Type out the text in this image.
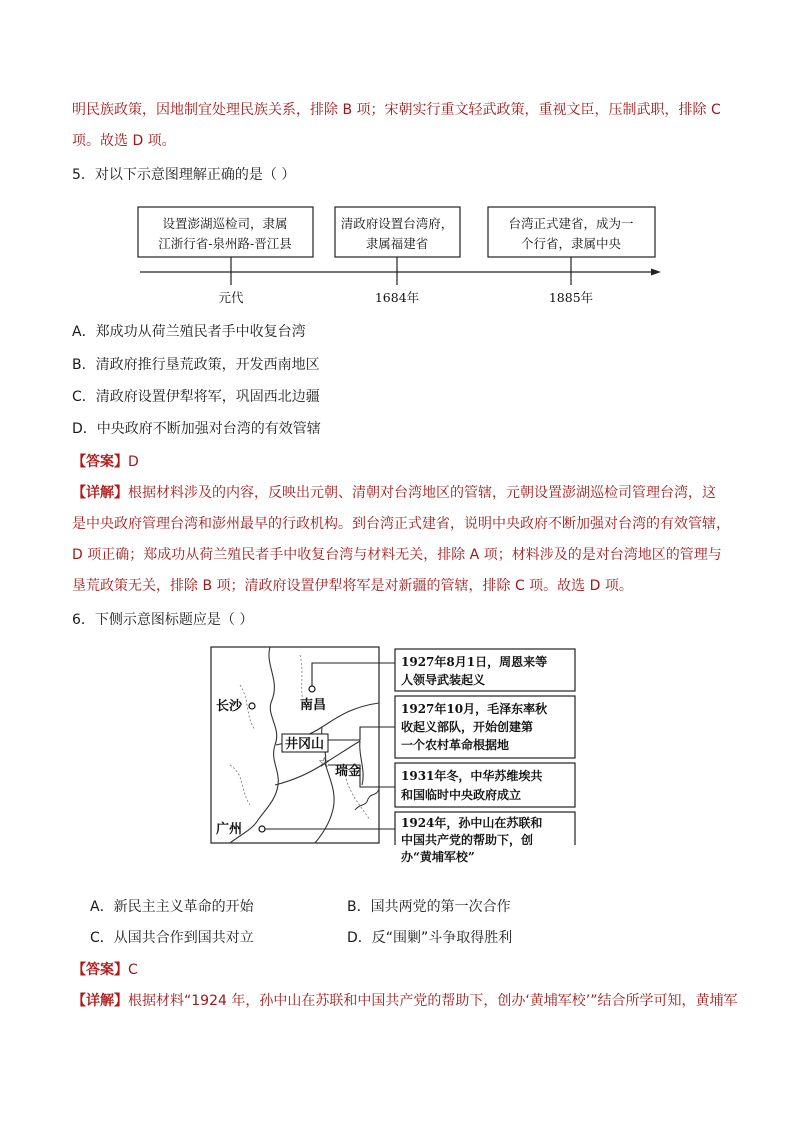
明民族政策，因地制宜处理民族关系，排除 B 项；宋朝实行重文轻武政策，重视文臣，压制武职，排除 C
项。故选 D 项。
5．对以下示意图理解正确的是（ ）
设置澎湖巡检司，隶属
江浙行省-泉州路-晋江县
清政府设置台湾府，
隶属福建省
台湾正式建省，成为一
个行省，隶属中央
元代	1684年	1885年
A．郑成功从荷兰殖民者手中收复台湾
B．清政府推行垦荒政策，开发西南地区
C．清政府设置伊犁将军，巩固西北边疆
D．中央政府不断加强对台湾的有效管辖
【答案】D
【详解】根据材料涉及的内容，反映出元朝、清朝对台湾地区的管辖，元朝设置澎湖巡检司管理台湾，这
是中央政府管理台湾和澎州最早的行政机构。到台湾正式建省，说明中央政府不断加强对台湾的有效管辖，
D 项正确；郑成功从荷兰殖民者手中收复台湾与材料无关，排除 A 项；材料涉及的是对台湾地区的管理与
垦荒政策无关，排除 B 项；清政府设置伊犁将军是对新疆的管辖，排除 C 项。故选 D 项。
6．下侧示意图标题应是（ ）
长沙	南昌
井冈山
☆
瑞金
广州
1927年8月1日，周恩来等
人领导武装起义
1927年10月，毛泽东率秋
收起义部队，开始创建第
一个农村革命根据地
1931年冬，中华苏维埃共
和国临时中央政府成立
1924年，孙中山在苏联和
中国共产党的帮助下，创
办“黄埔军校”
A．新民主主义革命的开始	B．国共两党的第一次合作
C．从国共合作到国共对立	D．反“围剿”斗争取得胜利
【答案】C
【详解】根据材料“1924 年，孙中山在苏联和中国共产党的帮助下，创办‘黄埔军校’”结合所学可知，黄埔军
